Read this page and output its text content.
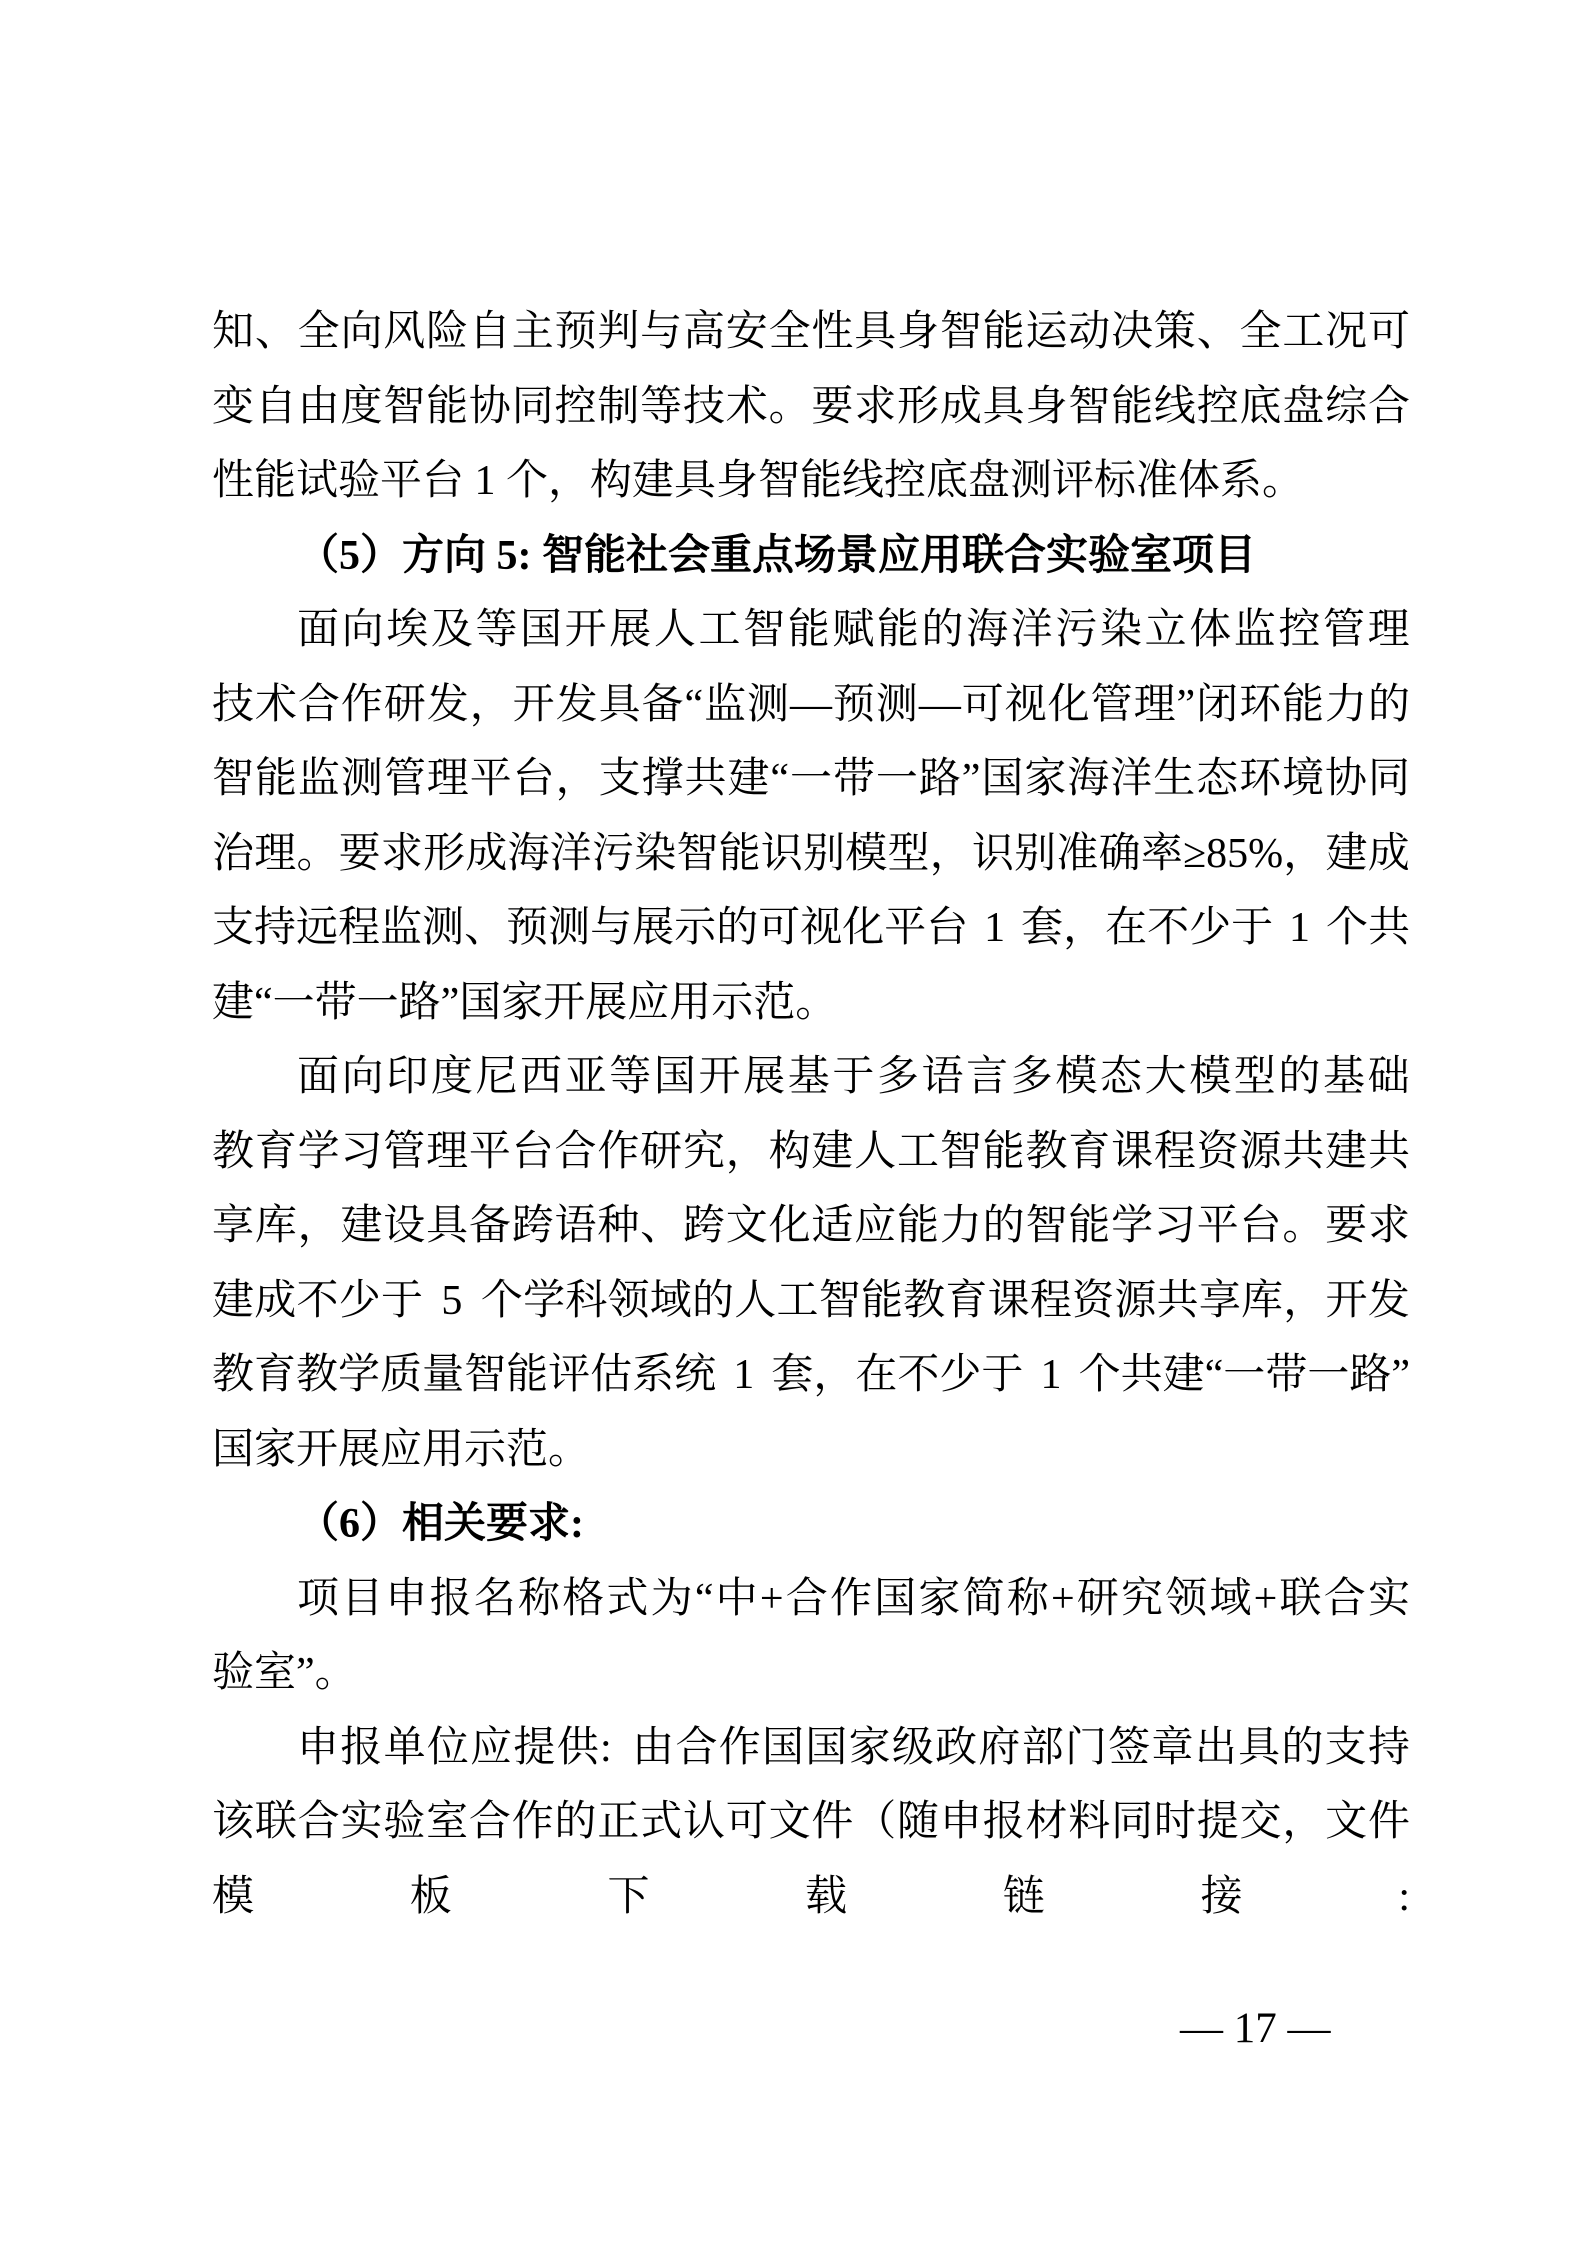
知 、 全 向 风 险 自 主 预 判 与 高 安 全 性 具 身 智 能 运 动 决 策 、 全 工 况 可
变 自 由 度 智 能 协 同 控 制 等 技 术 。 要 求 形 成 具 身 智 能 线 控 底 盘 综 合
性能试验平台 1 个，构建具身智能线控底盘测评标准体系。
（5）方向 5: 智能社会重点场景应用联合实验室项目
面 向 埃 及 等 国 开 展 人 工 智 能 赋 能 的 海 洋 污 染 立 体 监 控 管 理
技 术 合 作 研 发 ， 开 发 具 备 “ 监 测 — 预 测 — 可 视 化 管 理 ” 闭 环 能 力 的
智 能 监 测 管 理 平 台 ， 支 撑 共 建 “ 一 带 一 路 ” 国 家 海 洋 生 态 环 境 协 同
治 理 。 要 求 形 成 海 洋 污 染 智 能 识 别 模 型 ， 识 别 准 确 率 ≥85% ， 建 成
支 持 远 程 监 测 、 预 测 与 展 示 的 可 视 化 平 台 1 套 ， 在 不 少 于 1 个 共
建“一带一路”国家开展应用示范。
面 向 印 度 尼 西 亚 等 国 开 展 基 于 多 语 言 多 模 态 大 模 型 的 基 础
教 育 学 习 管 理 平 台 合 作 研 究 ， 构 建 人 工 智 能 教 育 课 程 资 源 共 建 共
享 库 ， 建 设 具 备 跨 语 种 、 跨 文 化 适 应 能 力 的 智 能 学 习 平 台 。 要 求
建 成 不 少 于 5 个 学 科 领 域 的 人 工 智 能 教 育 课 程 资 源 共 享 库 ， 开 发
教 育 教 学 质 量 智 能 评 估 系 统 1 套 ， 在 不 少 于 1 个 共 建 “ 一 带 一 路 ”
国家开展应用示范。
（6）相关要求:
项 目 申 报 名 称 格 式 为 “ 中 + 合 作 国 家 简 称 + 研 究 领 域 + 联 合 实
验室”。
申 报 单 位 应 提 供 : 由 合 作 国 国 家 级 政 府 部 门 签 章 出 具 的 支 持
该 联 合 实 验 室 合 作 的 正 式 认 可 文 件 （ 随 申 报 材 料 同 时 提 交 ， 文 件
模	板	下	载	链	接	:
— 17 —
